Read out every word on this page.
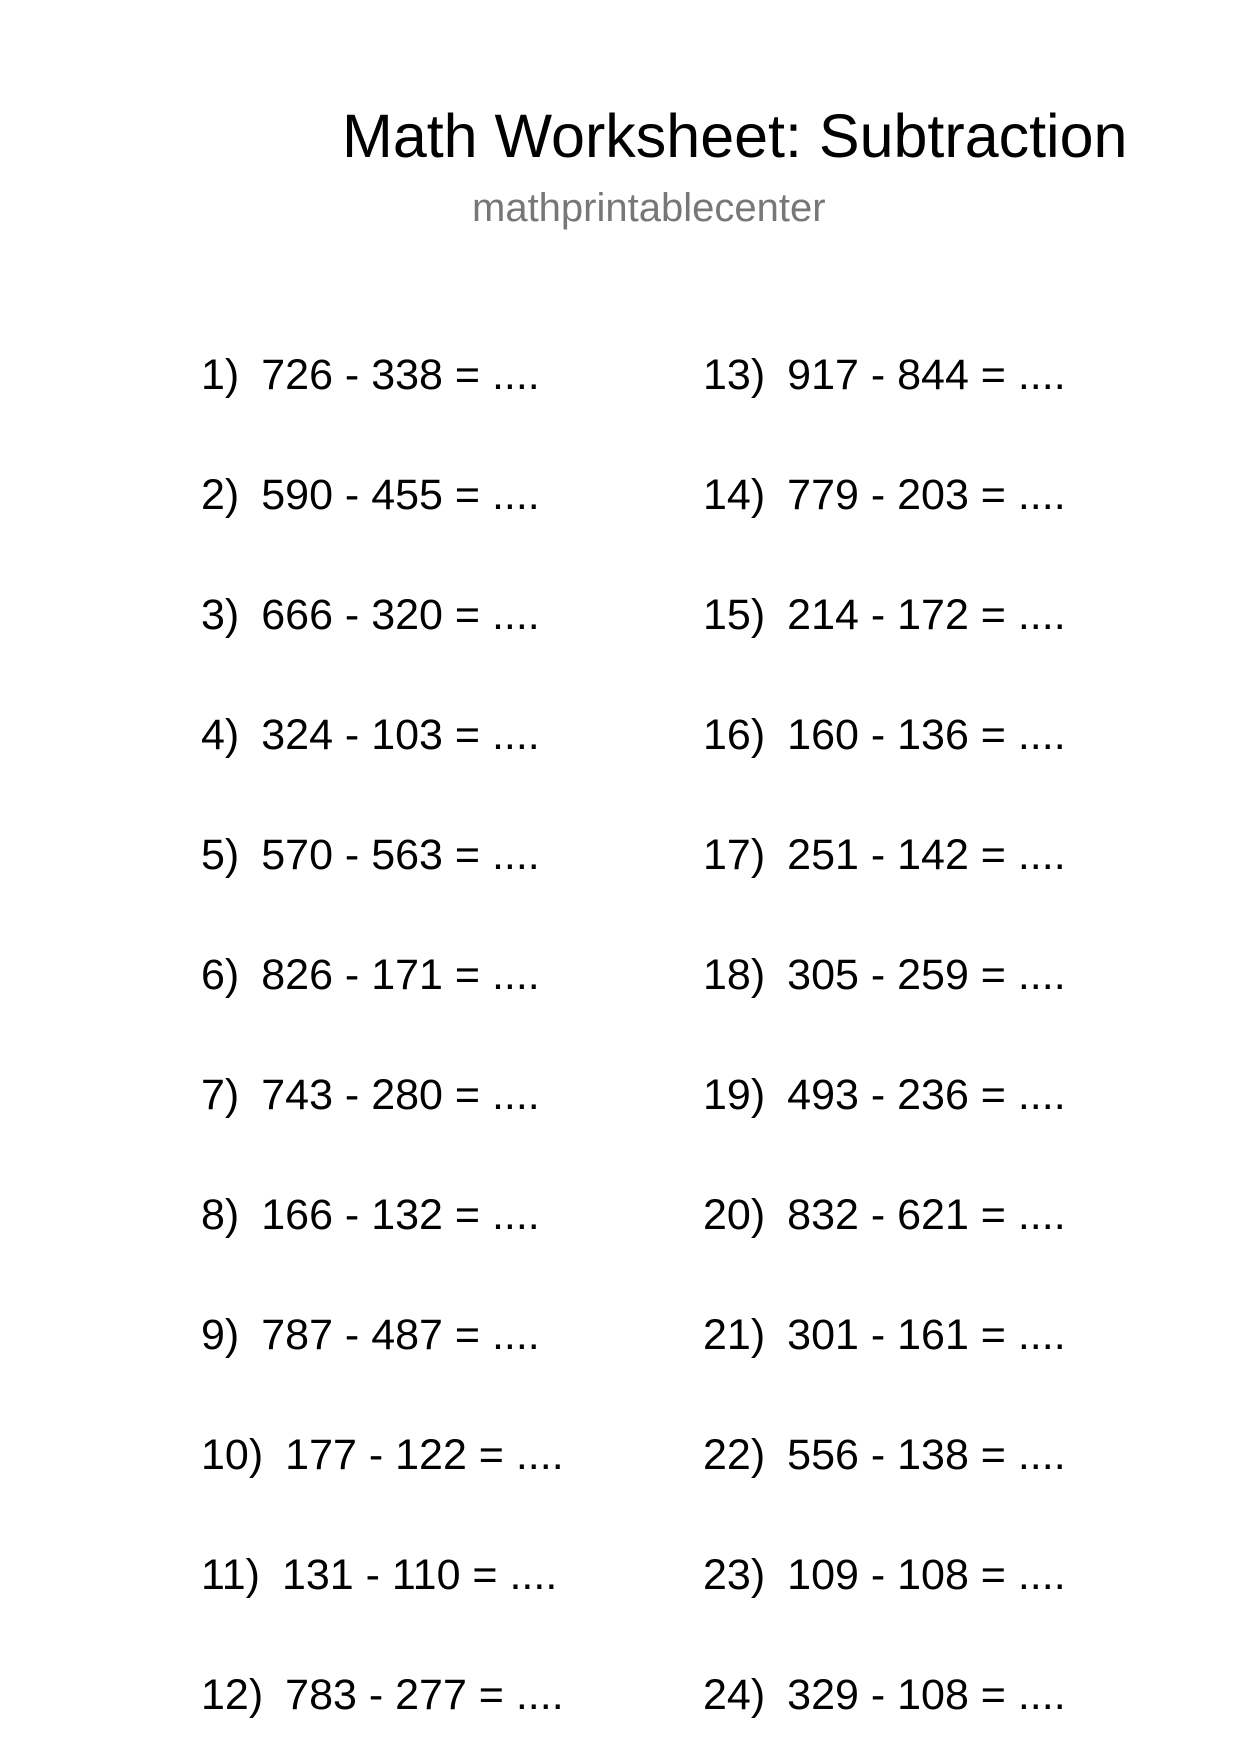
Math Worksheet: Subtraction
mathprintablecenter
1) 726 - 338 = ....
2) 590 - 455 = ....
3) 666 - 320 = ....
4) 324 - 103 = ....
5) 570 - 563 = ....
6) 826 - 171 = ....
7) 743 - 280 = ....
8) 166 - 132 = ....
9) 787 - 487 = ....
10) 177 - 122 = ....
11) 131 - 110 = ....
12) 783 - 277 = ....
13) 917 - 844 = ....
14) 779 - 203 = ....
15) 214 - 172 = ....
16) 160 - 136 = ....
17) 251 - 142 = ....
18) 305 - 259 = ....
19) 493 - 236 = ....
20) 832 - 621 = ....
21) 301 - 161 = ....
22) 556 - 138 = ....
23) 109 - 108 = ....
24) 329 - 108 = ....
